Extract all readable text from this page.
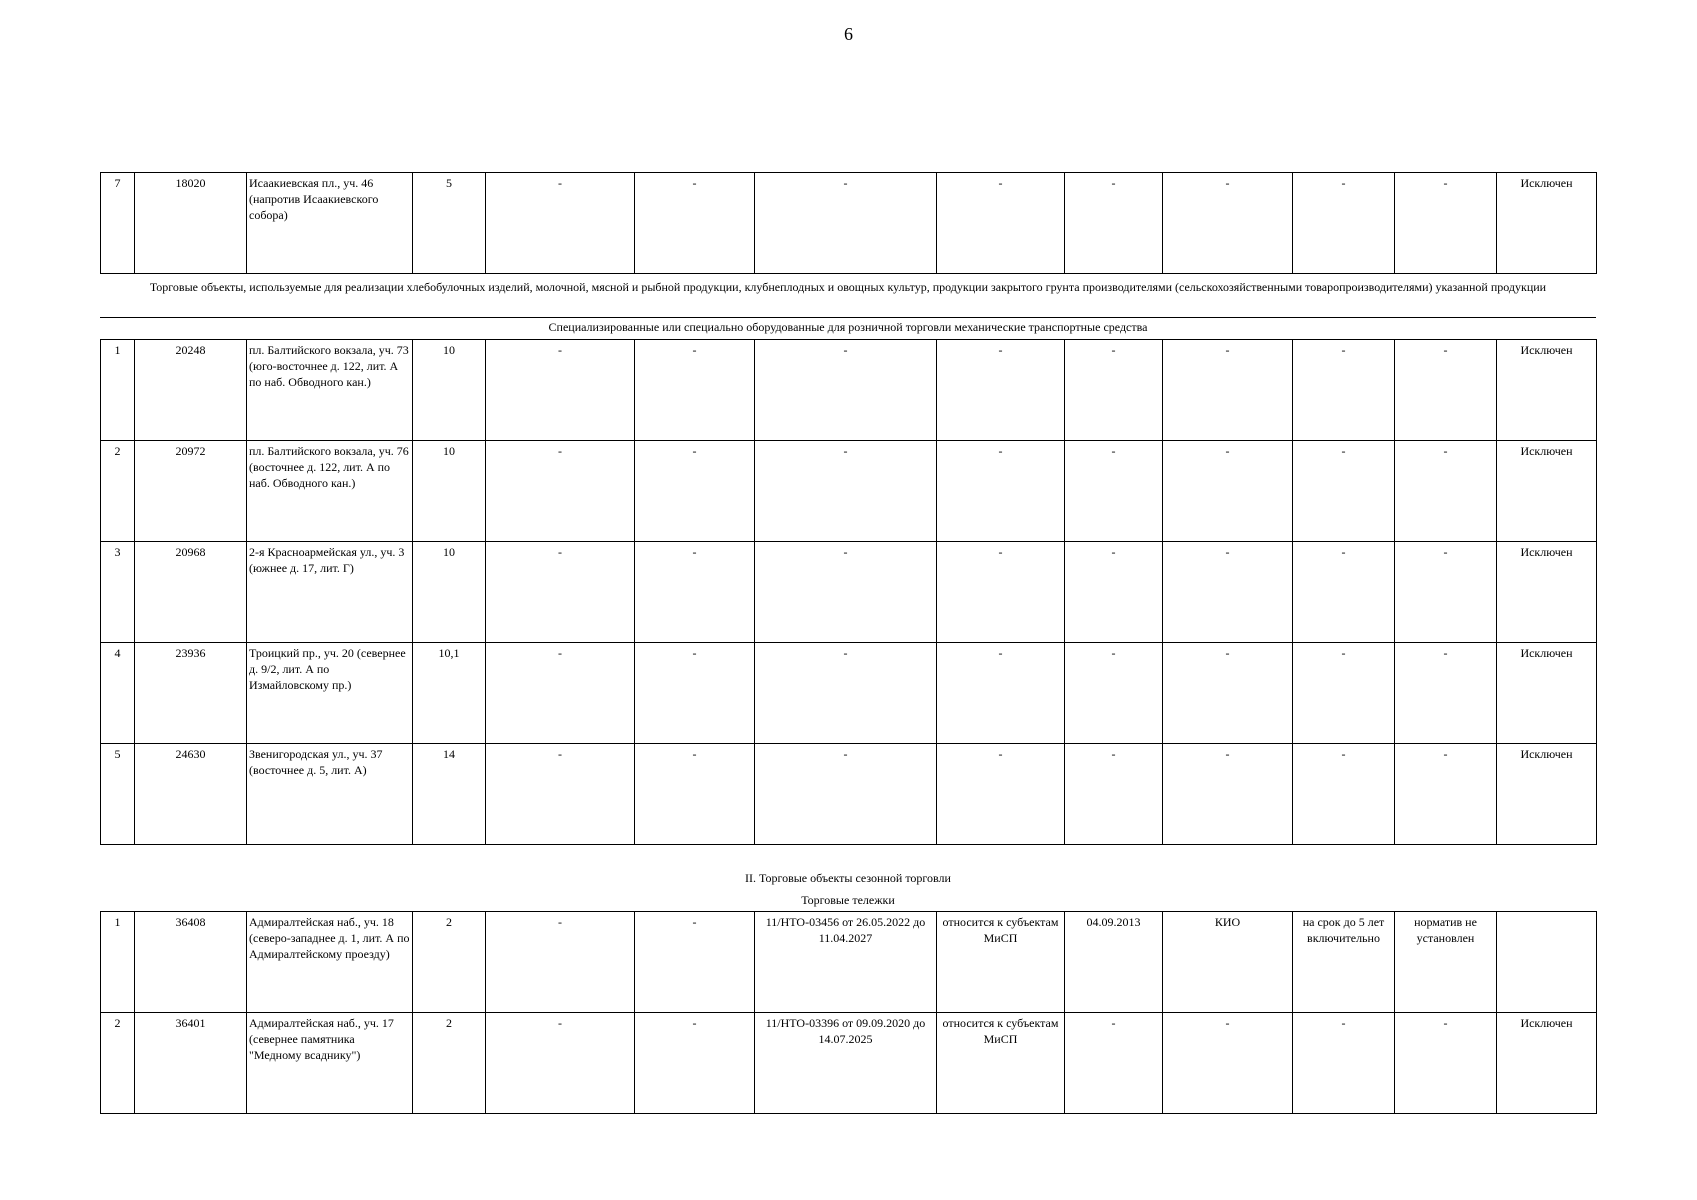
6
7	18020	Исаакиевская пл., уч. 46 (напротив Исаакиевского собора)	5	-	-	-	-	-	-	-	-	Исключен
Торговые объекты, используемые для реализации хлебобулочных изделий, молочной, мясной и рыбной продукции, клубнеплодных и овощных культур, продукции закрытого грунта производителями (сельскохозяйственными товаропроизводителями) указанной продукции
Специализированные или специально оборудованные для розничной торговли механические транспортные средства
1	20248	пл. Балтийского вокзала, уч. 73 (юго-восточнее д. 122, лит. А по наб. Обводного кан.)	10	-	-	-	-	-	-	-	-	Исключен
2	20972	пл. Балтийского вокзала, уч. 76 (восточнее д. 122, лит. А по наб. Обводного кан.)	10	-	-	-	-	-	-	-	-	Исключен
3	20968	2-я Красноармейская ул., уч. 3 (южнее д. 17, лит. Г)	10	-	-	-	-	-	-	-	-	Исключен
4	23936	Троицкий пр., уч. 20 (севернее д. 9/2, лит. А по Измайловскому пр.)	10,1	-	-	-	-	-	-	-	-	Исключен
5	24630	Звенигородская ул., уч. 37 (восточнее д. 5, лит. А)	14	-	-	-	-	-	-	-	-	Исключен
II. Торговые объекты сезонной торговли
Торговые тележки
1	36408	Адмиралтейская наб., уч. 18 (северо-западнее д. 1, лит. А по Адмиралтейскому проезду)	2	-	-	11/НТО-03456 от 26.05.2022 до 11.04.2027	относится к субъектам МиСП	04.09.2013	КИО	на срок до 5 лет включительно	норматив не установлен	
2	36401	Адмиралтейская наб., уч. 17 (севернее памятника "Медному всаднику")	2	-	-	11/НТО-03396 от 09.09.2020 до 14.07.2025	относится к субъектам МиСП	-	-	-	-	Исключен
